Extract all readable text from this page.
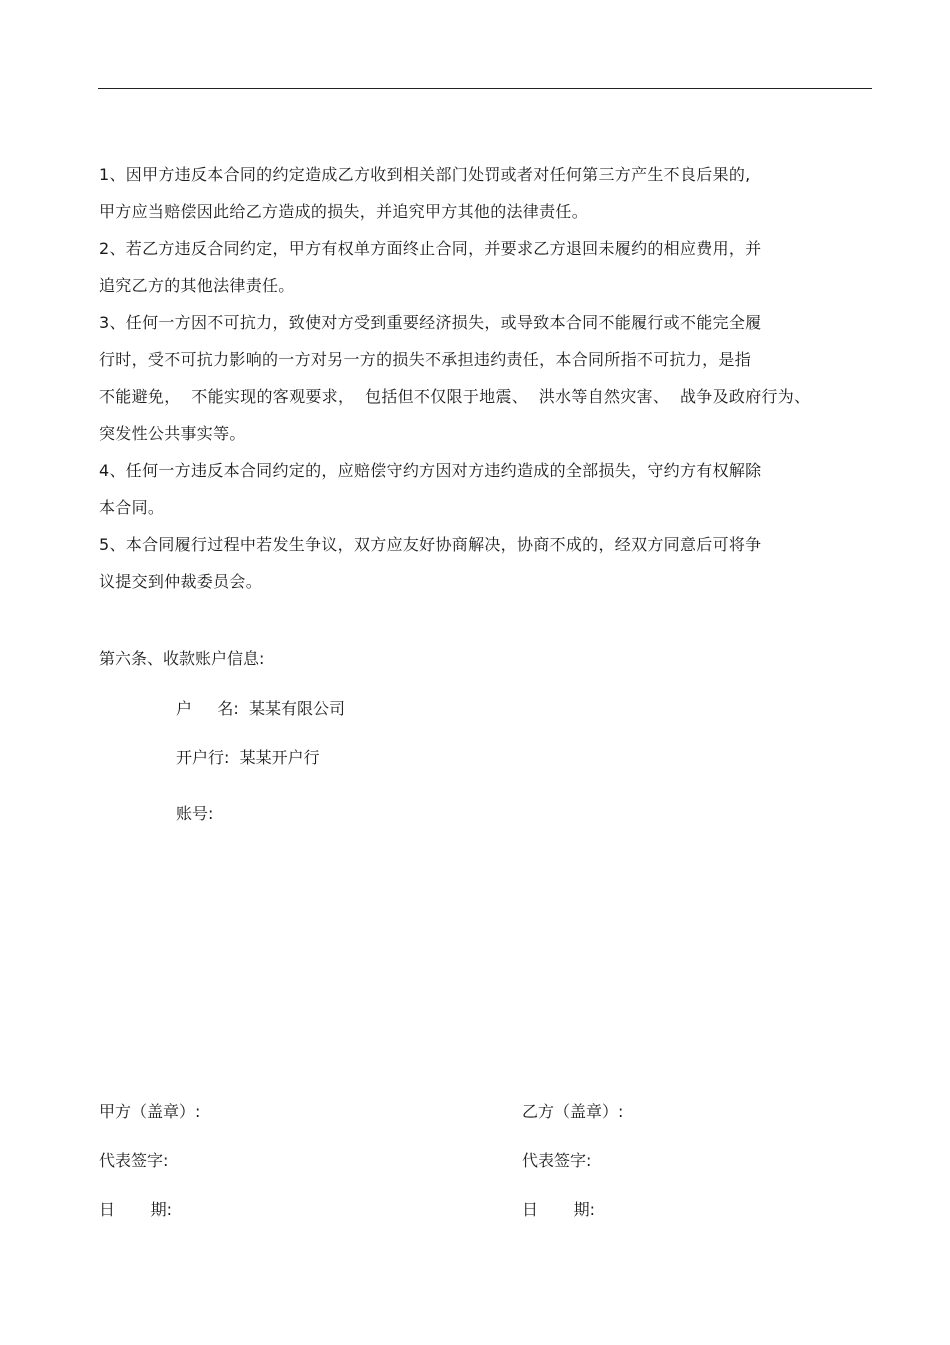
1、因甲方违反本合同的约定造成乙方收到相关部门处罚或者对任何第三方产生不良后果的,
甲方应当赔偿因此给乙方造成的损失，并追究甲方其他的法律责任。
2、若乙方违反合同约定，甲方有权单方面终止合同，并要求乙方退回未履约的相应费用，并
追究乙方的其他法律责任。
3、任何一方因不可抗力，致使对方受到重要经济损失，或导致本合同不能履行或不能完全履
行时，受不可抗力影响的一方对另一方的损失不承担违约责任，本合同所指不可抗力，是指
不能避免，  不能实现的客观要求，  包括但不仅限于地震、  洪水等自然灾害、  战争及政府行为、
突发性公共事实等。
4、任何一方违反本合同约定的，应赔偿守约方因对方违约造成的全部损失，守约方有权解除
本合同。
5、本合同履行过程中若发生争议，双方应友好协商解决，协商不成的，经双方同意后可将争
议提交到仲裁委员会。
第六条、收款账户信息:
户     名:  某某有限公司
开户行:  某某开户行
账号:
甲方（盖章）:
代表签字:
日       期:
乙方（盖章）:
代表签字:
日       期:
